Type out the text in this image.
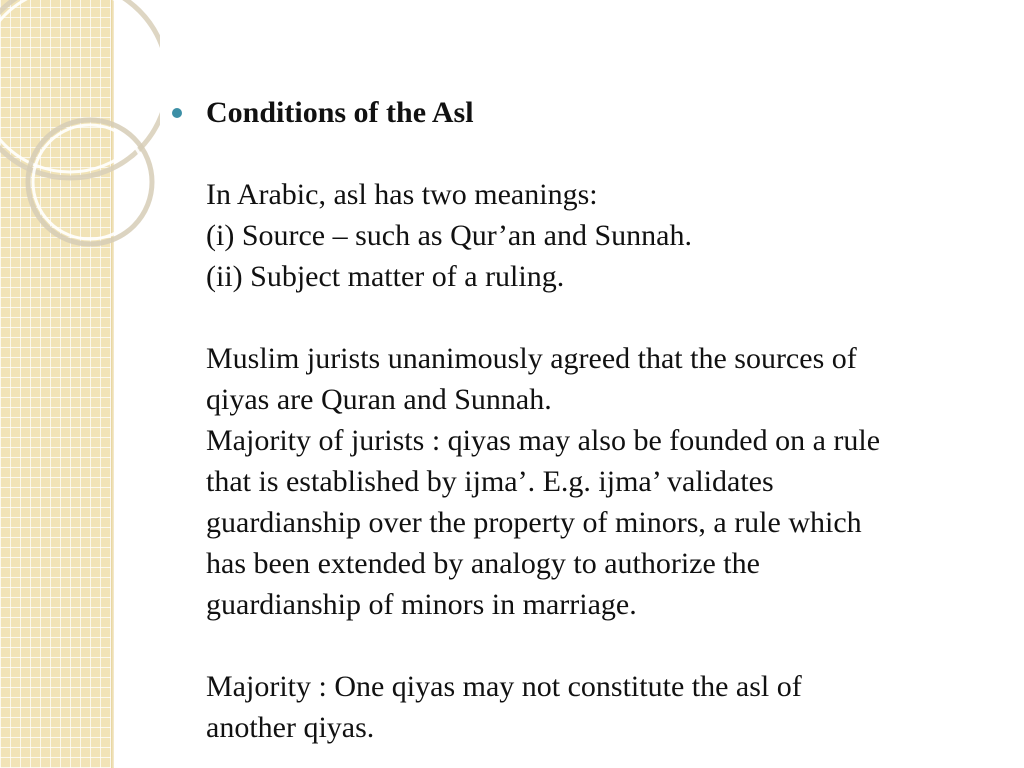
Conditions of the Asl

In Arabic, asl has two meanings:

(i) Source – such as Qur’an and Sunnah.

(ii) Subject matter of a ruling.

Muslim jurists unanimously agreed that the sources of

qiyas are Quran and Sunnah.

Majority of jurists : qiyas may also be founded on a rule

that is established by ijma’. E.g. ijma’ validates

guardianship over the property of minors, a rule which

has been extended by analogy to authorize the

guardianship of minors in marriage.

Majority : One qiyas may not constitute the asl of

another qiyas.
